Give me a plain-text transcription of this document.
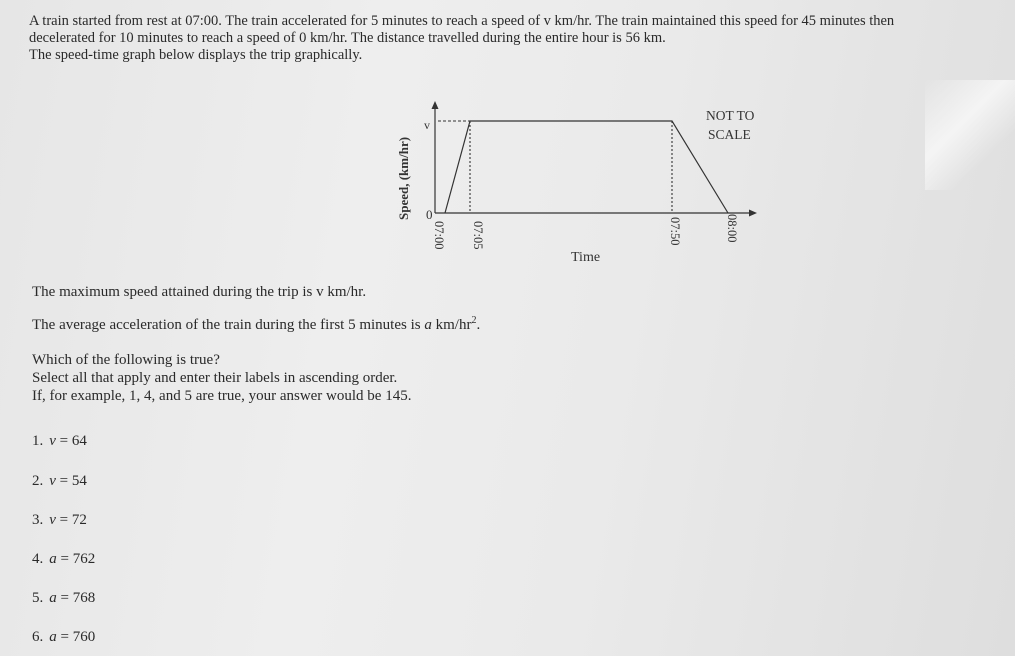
A train started from rest at 07:00. The train accelerated for 5 minutes to reach a speed of v km/hr. The train maintained this speed for 45 minutes then

decelerated for 10 minutes to reach a speed of 0 km/hr. The distance travelled during the entire hour is 56 km.

The speed-time graph below displays the trip graphically.

Speed, (km/hr)
v
0
Time
NOT TO
SCALE
07:00 07:05	07:50	08:00
The maximum speed attained during the trip is v km/hr.
The average acceleration of the train during the first 5 minutes is a $km/hr^2$.
Which of the following is true?
Select all that apply and enter their labels in ascending order.
If, for example, 1, 4, and 5 are true, your answer would be 145.
1. v = 64
2. v = 54
3. v = 72
4. a = 762
5. a = 768
6. a = 760
